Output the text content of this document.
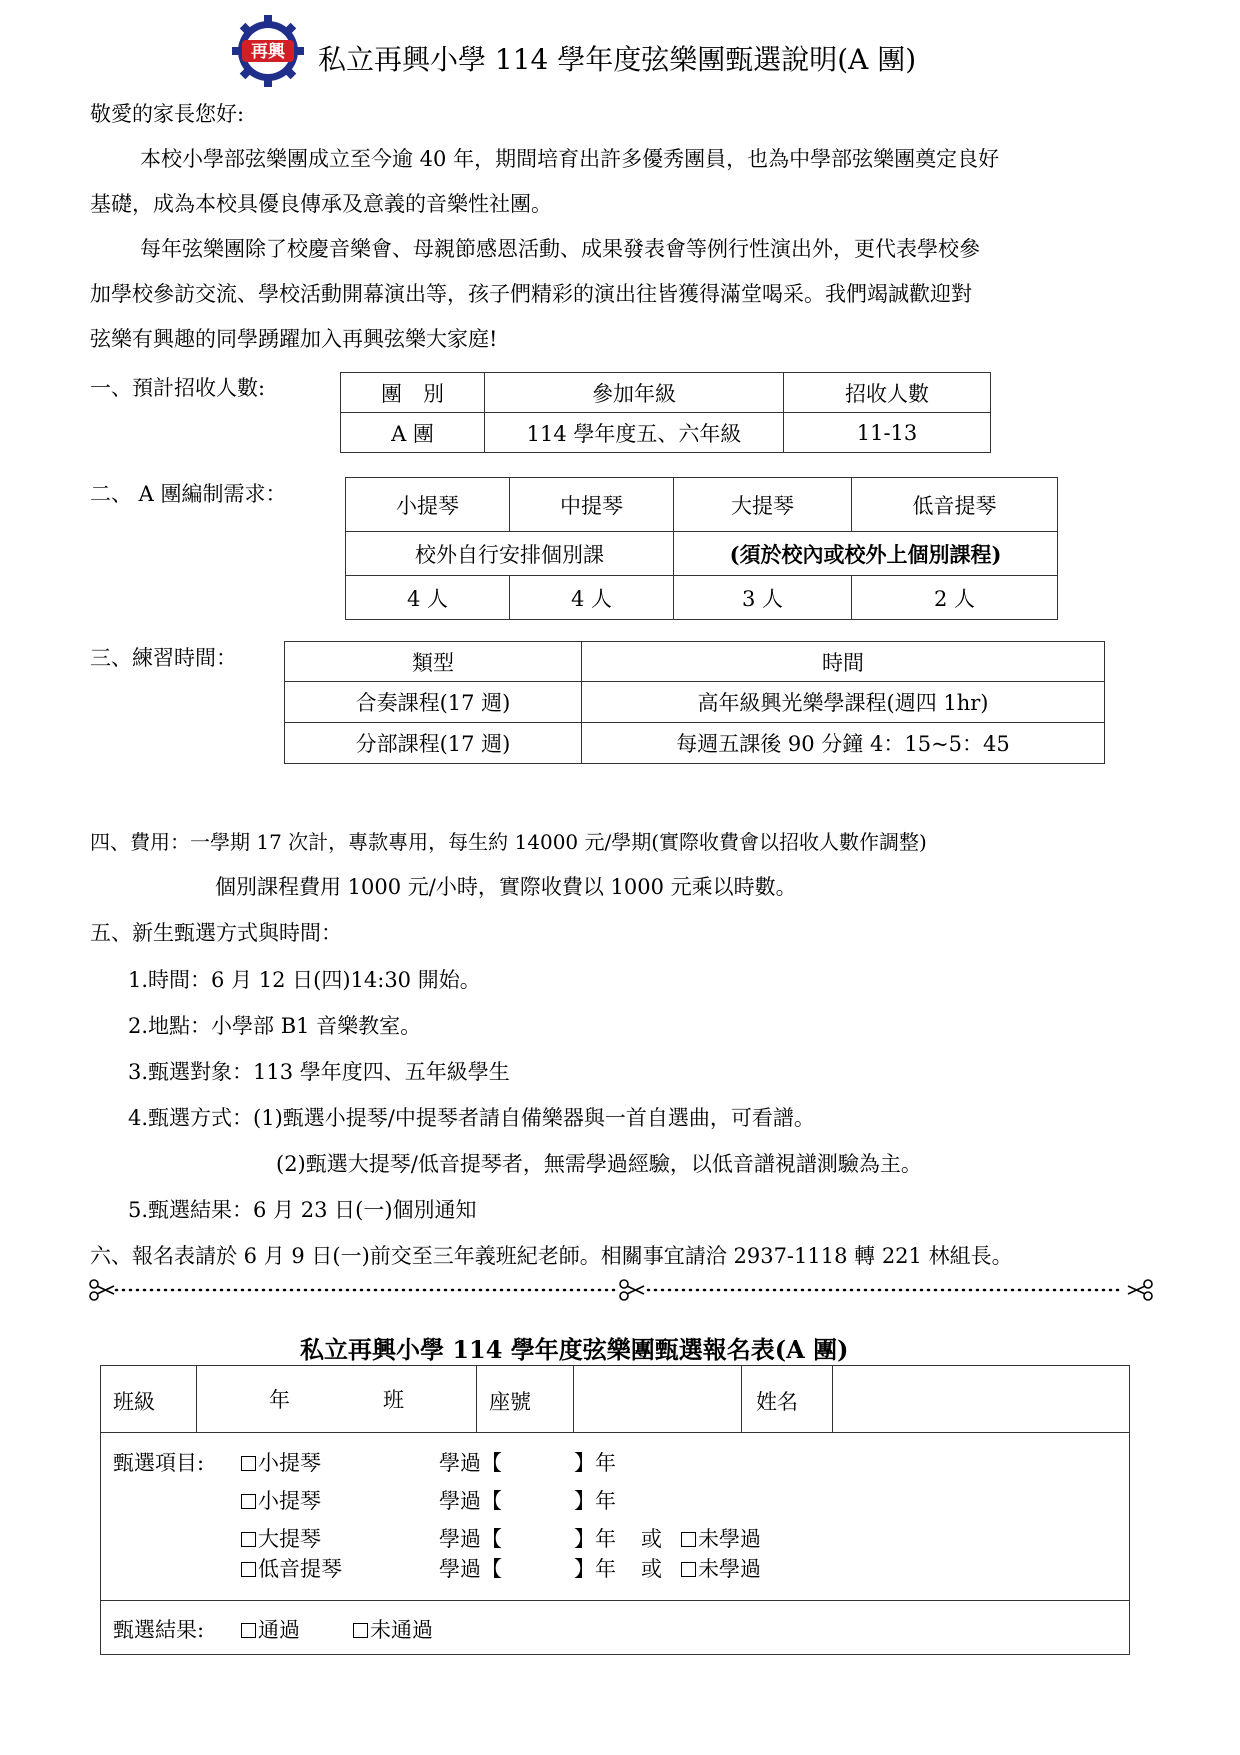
再興 私立再興小學 114 學年度弦樂團甄選說明(A 團)
敬愛的家長您好:
本校小學部弦樂團成立至今逾 40 年，期間培育出許多優秀團員，也為中學部弦樂團奠定良好
基礎，成為本校具優良傳承及意義的音樂性社團。
每年弦樂團除了校慶音樂會、母親節感恩活動、成果發表會等例行性演出外，更代表學校參
加學校參訪交流、學校活動開幕演出等，孩子們精彩的演出往皆獲得滿堂喝采。我們竭誠歡迎對
弦樂有興趣的同學踴躍加入再興弦樂大家庭!
一、預計招收人數:	團　別	參加年級	招收人數
A 團	114 學年度五、六年級	11-13
二、 A 團編制需求：	小提琴	中提琴	大提琴	低音提琴
校外自行安排個別課		(須於校內或校外上個別課程)	
4 人	4 人	3 人	2 人
三、練習時間：	類型	時間
合奏課程(17 週)	高年級興光樂學課程(週四 1hr)
分部課程(17 週)	每週五課後 90 分鐘 4：15~5：45
四、費用：一學期 17 次計，專款專用，每生約 14000 元/學期(實際收費會以招收人數作調整)
個別課程費用 1000 元/小時，實際收費以 1000 元乘以時數。
五、新生甄選方式與時間：
1.時間：6 月 12 日(四)14:30 開始。
2.地點：小學部 B1 音樂教室。
3.甄選對象：113 學年度四、五年級學生
4.甄選方式：(1)甄選小提琴/中提琴者請自備樂器與一首自選曲，可看譜。
(2)甄選大提琴/低音提琴者，無需學過經驗，以低音譜視譜測驗為主。
5.甄選結果：6 月 23 日(一)個別通知
六、報名表請於 6 月 9 日(一)前交至三年義班紀老師。相關事宜請洽 2937-1118 轉 221 林組長。
私立再興小學 114 學年度弦樂團甄選報名表(A 團)
班級	年	班	座號	姓名
甄選項目:	小提琴	學過【	】年
小提琴	學過【	】年
大提琴	學過【	】年 或	未學過
低音提琴	學過【	】年 或	未學過
甄選結果:	通過	未通過
